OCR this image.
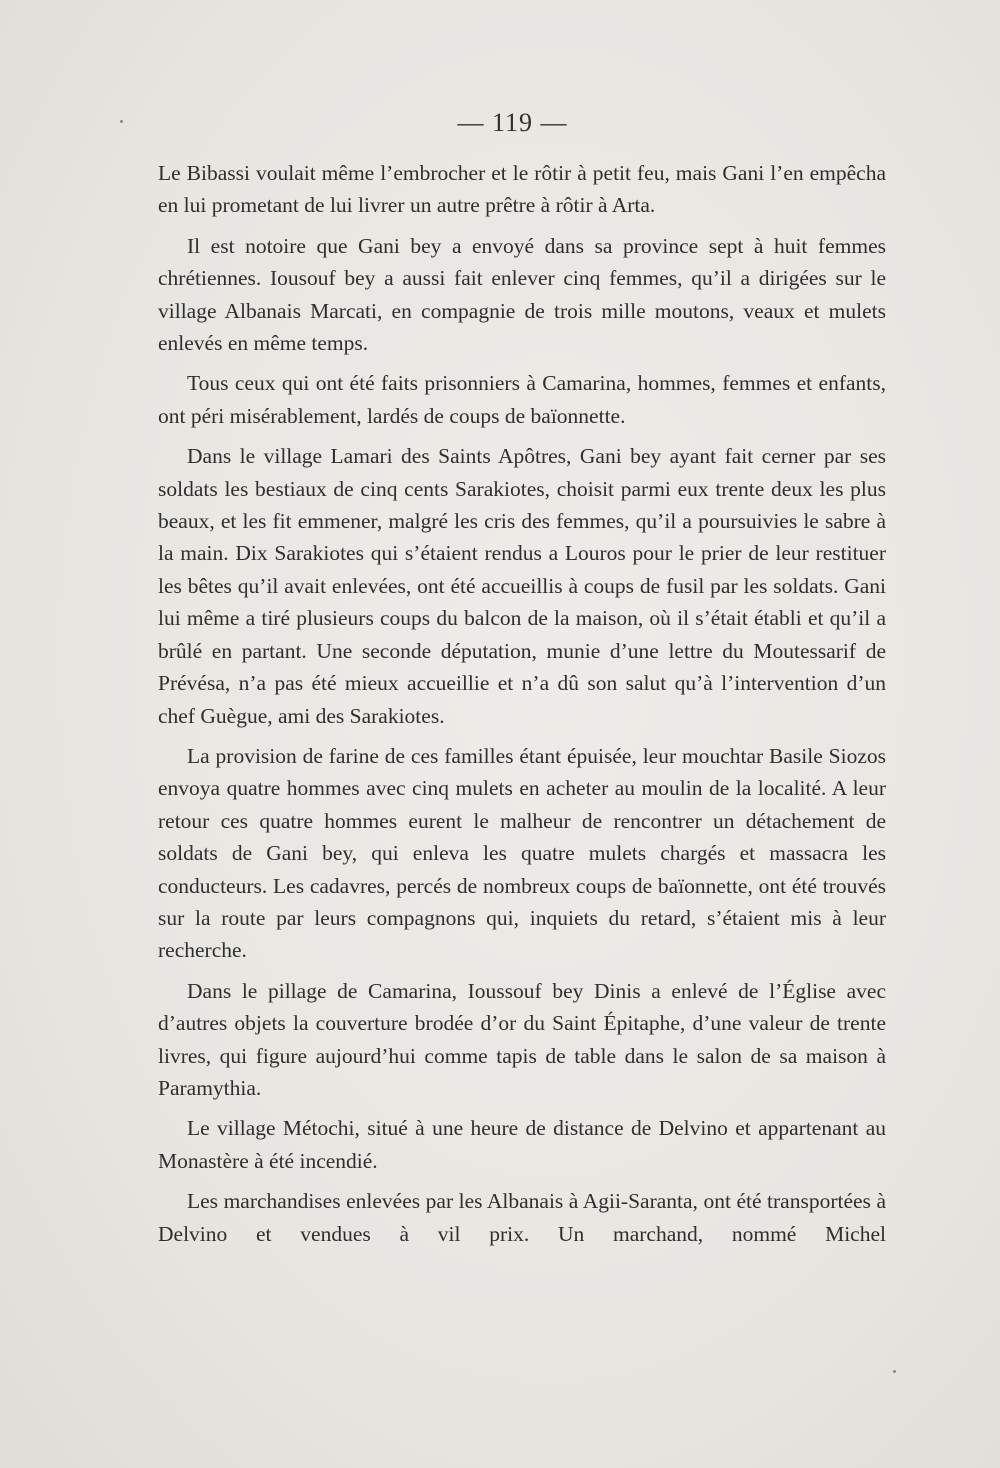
— 119 —

Le Bibassi voulait même l’embrocher et le rôtir à petit feu, mais Gani l’en empêcha en lui prometant de lui livrer un autre prêtre à rôtir à Arta.

Il est notoire que Gani bey a envoyé dans sa province sept à huit femmes chrétiennes. Iousouf bey a aussi fait enlever cinq femmes, qu’il a dirigées sur le village Albanais Marcati, en compagnie de trois mille moutons, veaux et mulets enlevés en même temps.

Tous ceux qui ont été faits prisonniers à Camarina, hommes, femmes et enfants, ont péri misérablement, lardés de coups de baïonnette.

Dans le village Lamari des Saints Apôtres, Gani bey ayant fait cerner par ses soldats les bestiaux de cinq cents Sarakiotes, choisit parmi eux trente deux les plus beaux, et les fit emmener, malgré les cris des femmes, qu’il a poursuivies le sabre à la main. Dix Sarakiotes qui s’étaient rendus a Louros pour le prier de leur restituer les bêtes qu’il avait enlevées, ont été accueillis à coups de fusil par les soldats. Gani lui même a tiré plusieurs coups du balcon de la maison, où il s’était établi et qu’il a brûlé en partant. Une seconde députation, munie d’une lettre du Moutessarif de Prévésa, n’a pas été mieux accueillie et n’a dû son salut qu’à l’intervention d’un chef Guègue, ami des Sarakiotes.

La provision de farine de ces familles étant épuisée, leur mouchtar Basile Siozos envoya quatre hommes avec cinq mulets en acheter au moulin de la localité. A leur retour ces quatre hommes eurent le malheur de rencontrer un détachement de soldats de Gani bey, qui enleva les quatre mulets chargés et massacra les conducteurs. Les cadavres, percés de nombreux coups de baïonnette, ont été trouvés sur la route par leurs compagnons qui, inquiets du retard, s’étaient mis à leur recherche.

Dans le pillage de Camarina, Ioussouf bey Dinis a enlevé de l’Église avec d’autres objets la couverture brodée d’or du Saint Épitaphe, d’une valeur de trente livres, qui figure aujourd’hui comme tapis de table dans le salon de sa maison à Paramythia.

Le village Métochi, situé à une heure de distance de Delvino et appartenant au Monastère à été incendié.

Les marchandises enlevées par les Albanais à Agii-Saranta, ont été transportées à Delvino et vendues à vil prix. Un marchand, nommé Michel
